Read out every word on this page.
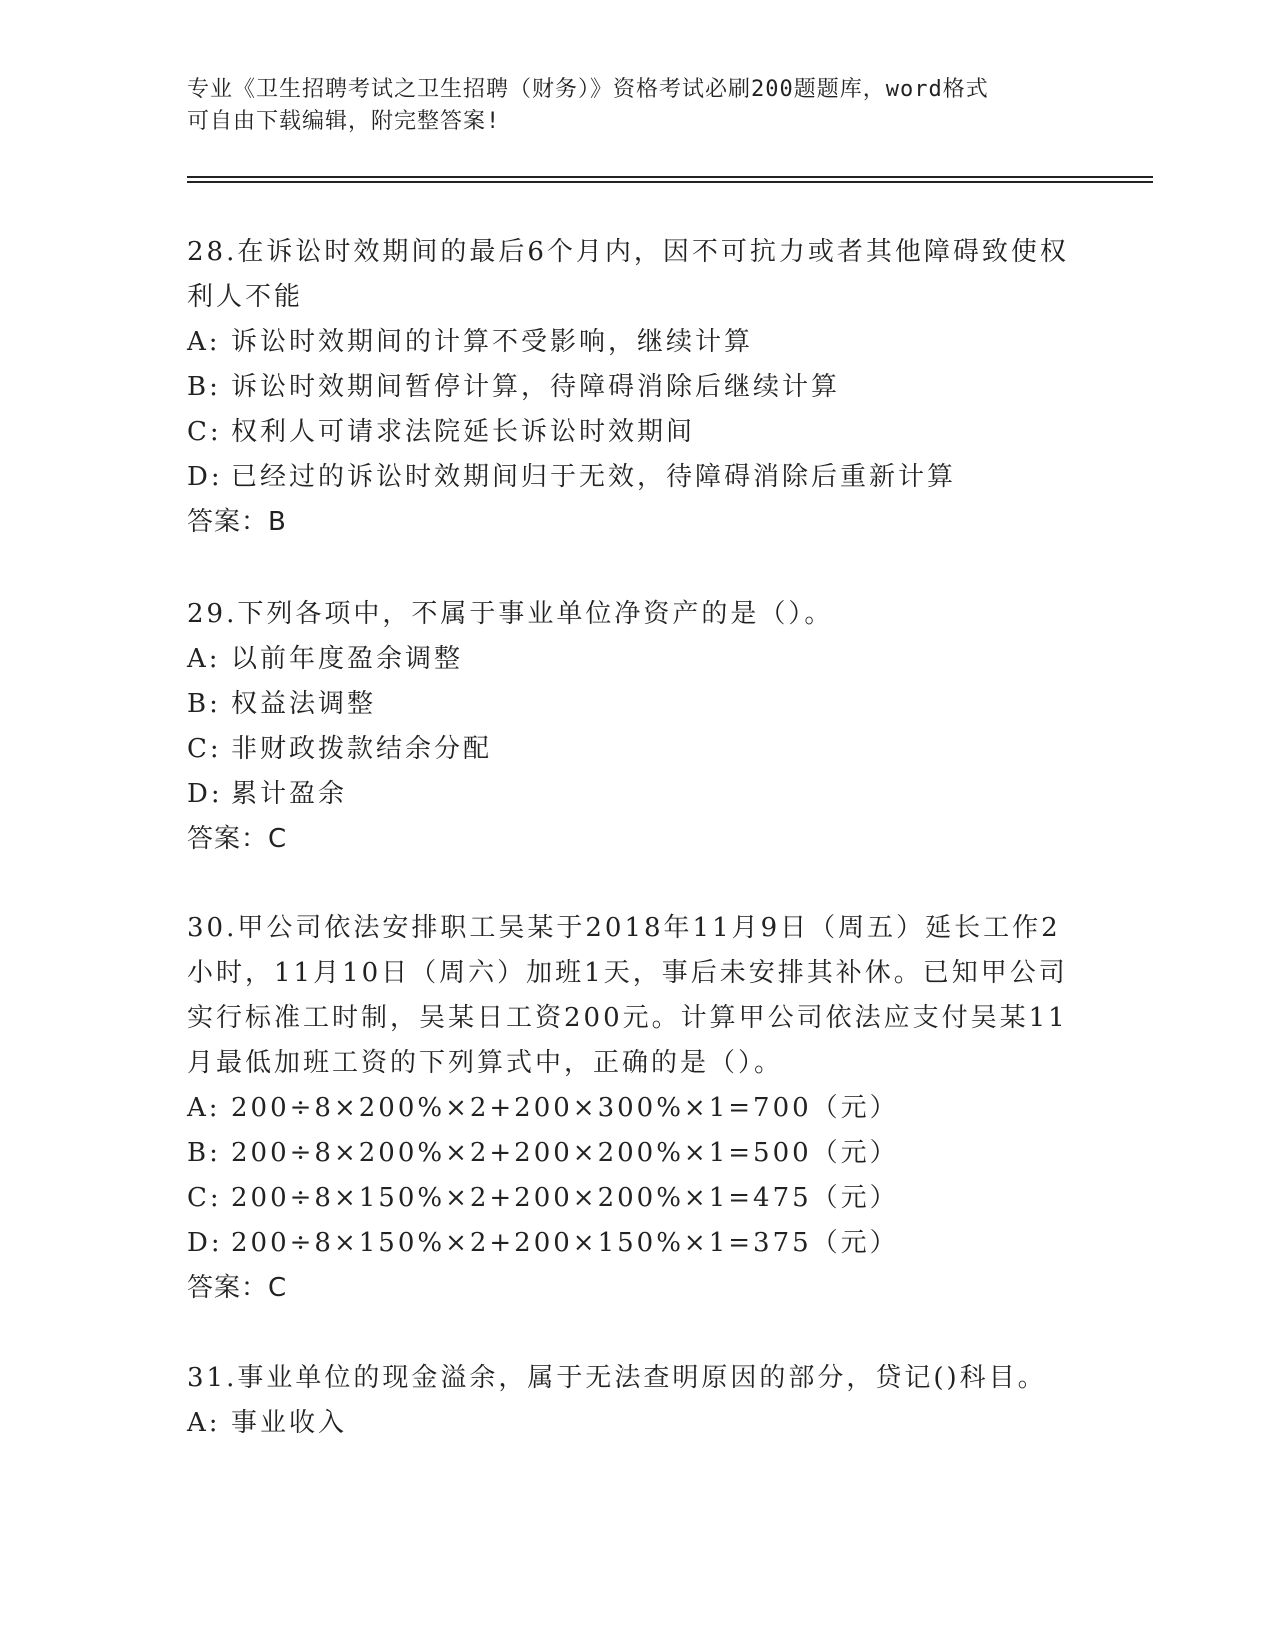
专业《卫生招聘考试之卫生招聘（财务）》资格考试必刷200题题库，word格式
可自由下载编辑，附完整答案!

28.在诉讼时效期间的最后6个月内，因不可抗力或者其他障碍致使权利人不能

A: 诉讼时效期间的计算不受影响，继续计算

B: 诉讼时效期间暂停计算，待障碍消除后继续计算

C: 权利人可请求法院延长诉讼时效期间

D: 已经过的诉讼时效期间归于无效，待障碍消除后重新计算

答案：B

29.下列各项中，不属于事业单位净资产的是（）。

A: 以前年度盈余调整

B: 权益法调整

C: 非财政拨款结余分配

D: 累计盈余

答案：C

30.甲公司依法安排职工吴某于2018年11月9日（周五）延长工作2小时，11月10日（周六）加班1天，事后未安排其补休。已知甲公司实行标准工时制，吴某日工资200元。计算甲公司依法应支付吴某11月最低加班工资的下列算式中，正确的是（）。

A: 200÷8×200%×2+200×300%×1=700（元）

B: 200÷8×200%×2+200×200%×1=500（元）

C: 200÷8×150%×2+200×200%×1=475（元）

D: 200÷8×150%×2+200×150%×1=375（元）

答案：C

31.事业单位的现金溢余，属于无法查明原因的部分，贷记()科目。

A: 事业收入
